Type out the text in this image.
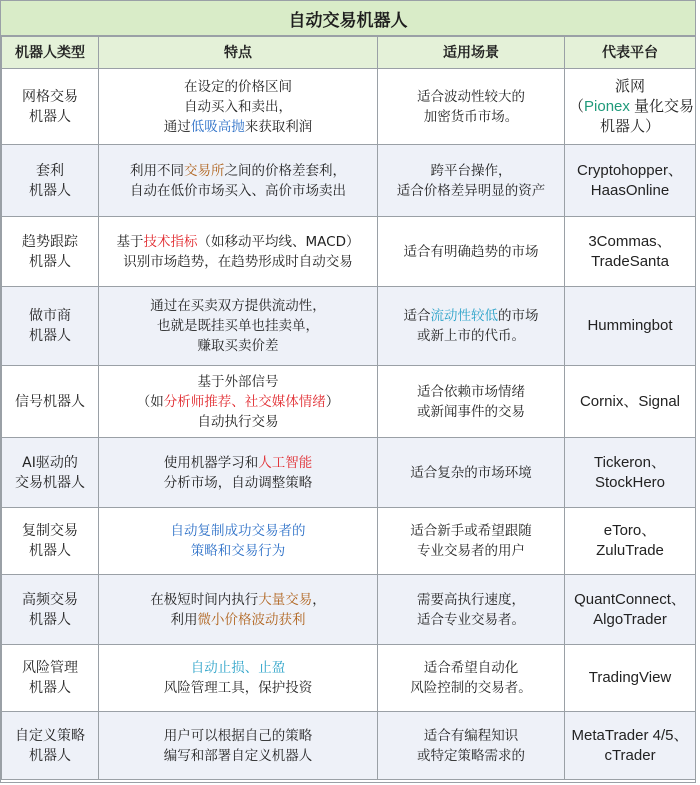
自动交易机器人
机器人类型	特点	适用场景	代表平台

网格交易
机器人	在设定的价格区间
自动买入和卖出，
通过低吸高抛来获取利润	适合波动性较大的
加密货币市场。	派网
（Pionex 量化交易
机器人）

套利
机器人	利用不同交易所之间的价格差套利，
自动在低价市场买入、高价市场卖出	跨平台操作，
适合价格差异明显的资产	Cryptohopper、
HaasOnline

趋势跟踪
机器人	基于技术指标（如移动平均线、MACD）
识别市场趋势，在趋势形成时自动交易	适合有明确趋势的市场	3Commas、
TradeSanta

做市商
机器人	通过在买卖双方提供流动性，
也就是既挂买单也挂卖单，
赚取买卖价差	适合流动性较低的市场
或新上市的代币。	Hummingbot

信号机器人	基于外部信号
（如分析师推荐、社交媒体情绪）
自动执行交易	适合依赖市场情绪
或新闻事件的交易	Cornix、Signal

AI驱动的
交易机器人	使用机器学习和人工智能
分析市场，自动调整策略	适合复杂的市场环境	Tickeron、
StockHero

复制交易
机器人	自动复制成功交易者的
策略和交易行为	适合新手或希望跟随
专业交易者的用户	eToro、
ZuluTrade

高频交易
机器人	在极短时间内执行大量交易，
利用微小价格波动获利	需要高执行速度，
适合专业交易者。	QuantConnect、
AlgoTrader

风险管理
机器人	自动止损、止盈
风险管理工具，保护投资	适合希望自动化
风险控制的交易者。	TradingView

自定义策略
机器人	用户可以根据自己的策略
编写和部署自定义机器人	适合有编程知识
或特定策略需求的	MetaTrader 4/5、
cTrader
